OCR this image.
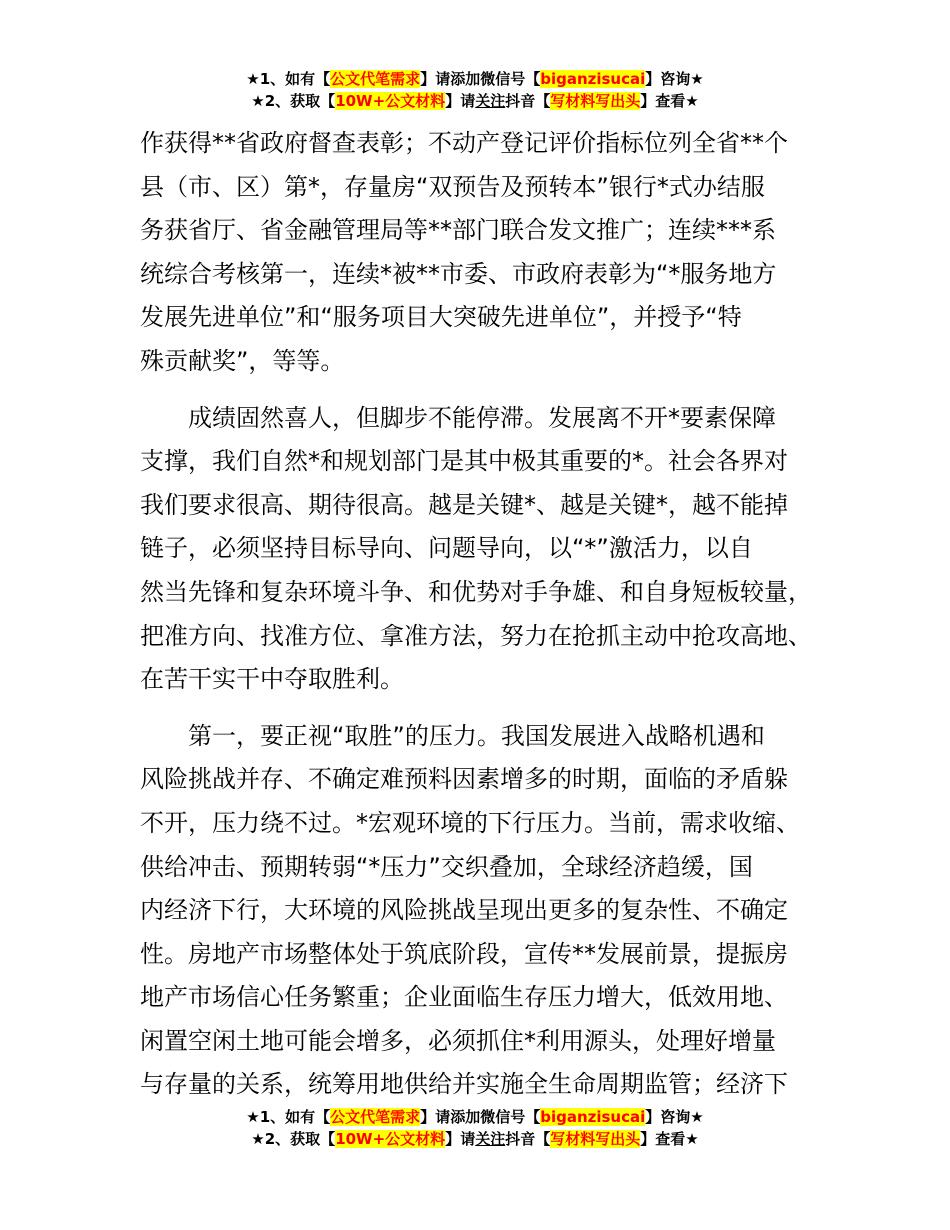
★1、如有【公文代笔需求】请添加微信号【biganzisucai】咨询★
★2、获取【10W+公文材料】请关注抖音【写材料写出头】查看★
作获得**省政府督查表彰；不动产登记评价指标位列全省**个
县（市、区）第*，存量房“双预告及预转本”银行*式办结服
务获省厅、省金融管理局等**部门联合发文推广；连续***系
统综合考核第一，连续*被**市委、市政府表彰为“*服务地方
发展先进单位”和“服务项目大突破先进单位”，并授予“特
殊贡献奖”，等等。
成绩固然喜人，但脚步不能停滞。发展离不开*要素保障
支撑，我们自然*和规划部门是其中极其重要的*。社会各界对
我们要求很高、期待很高。越是关键*、越是关键*，越不能掉
链子，必须坚持目标导向、问题导向，以“*”激活力，以自
然当先锋和复杂环境斗争、和优势对手争雄、和自身短板较量，
把准方向、找准方位、拿准方法，努力在抢抓主动中抢攻高地、
在苦干实干中夺取胜利。
第一，要正视“取胜”的压力。我国发展进入战略机遇和
风险挑战并存、不确定难预料因素增多的时期，面临的矛盾躲
不开，压力绕不过。*宏观环境的下行压力。当前，需求收缩、
供给冲击、预期转弱“*压力”交织叠加，全球经济趋缓，国
内经济下行，大环境的风险挑战呈现出更多的复杂性、不确定
性。房地产市场整体处于筑底阶段，宣传**发展前景，提振房
地产市场信心任务繁重；企业面临生存压力增大，低效用地、
闲置空闲土地可能会增多，必须抓住*利用源头，处理好增量
与存量的关系，统筹用地供给并实施全生命周期监管；经济下
★1、如有【公文代笔需求】请添加微信号【biganzisucai】咨询★
★2、获取【10W+公文材料】请关注抖音【写材料写出头】查看★
